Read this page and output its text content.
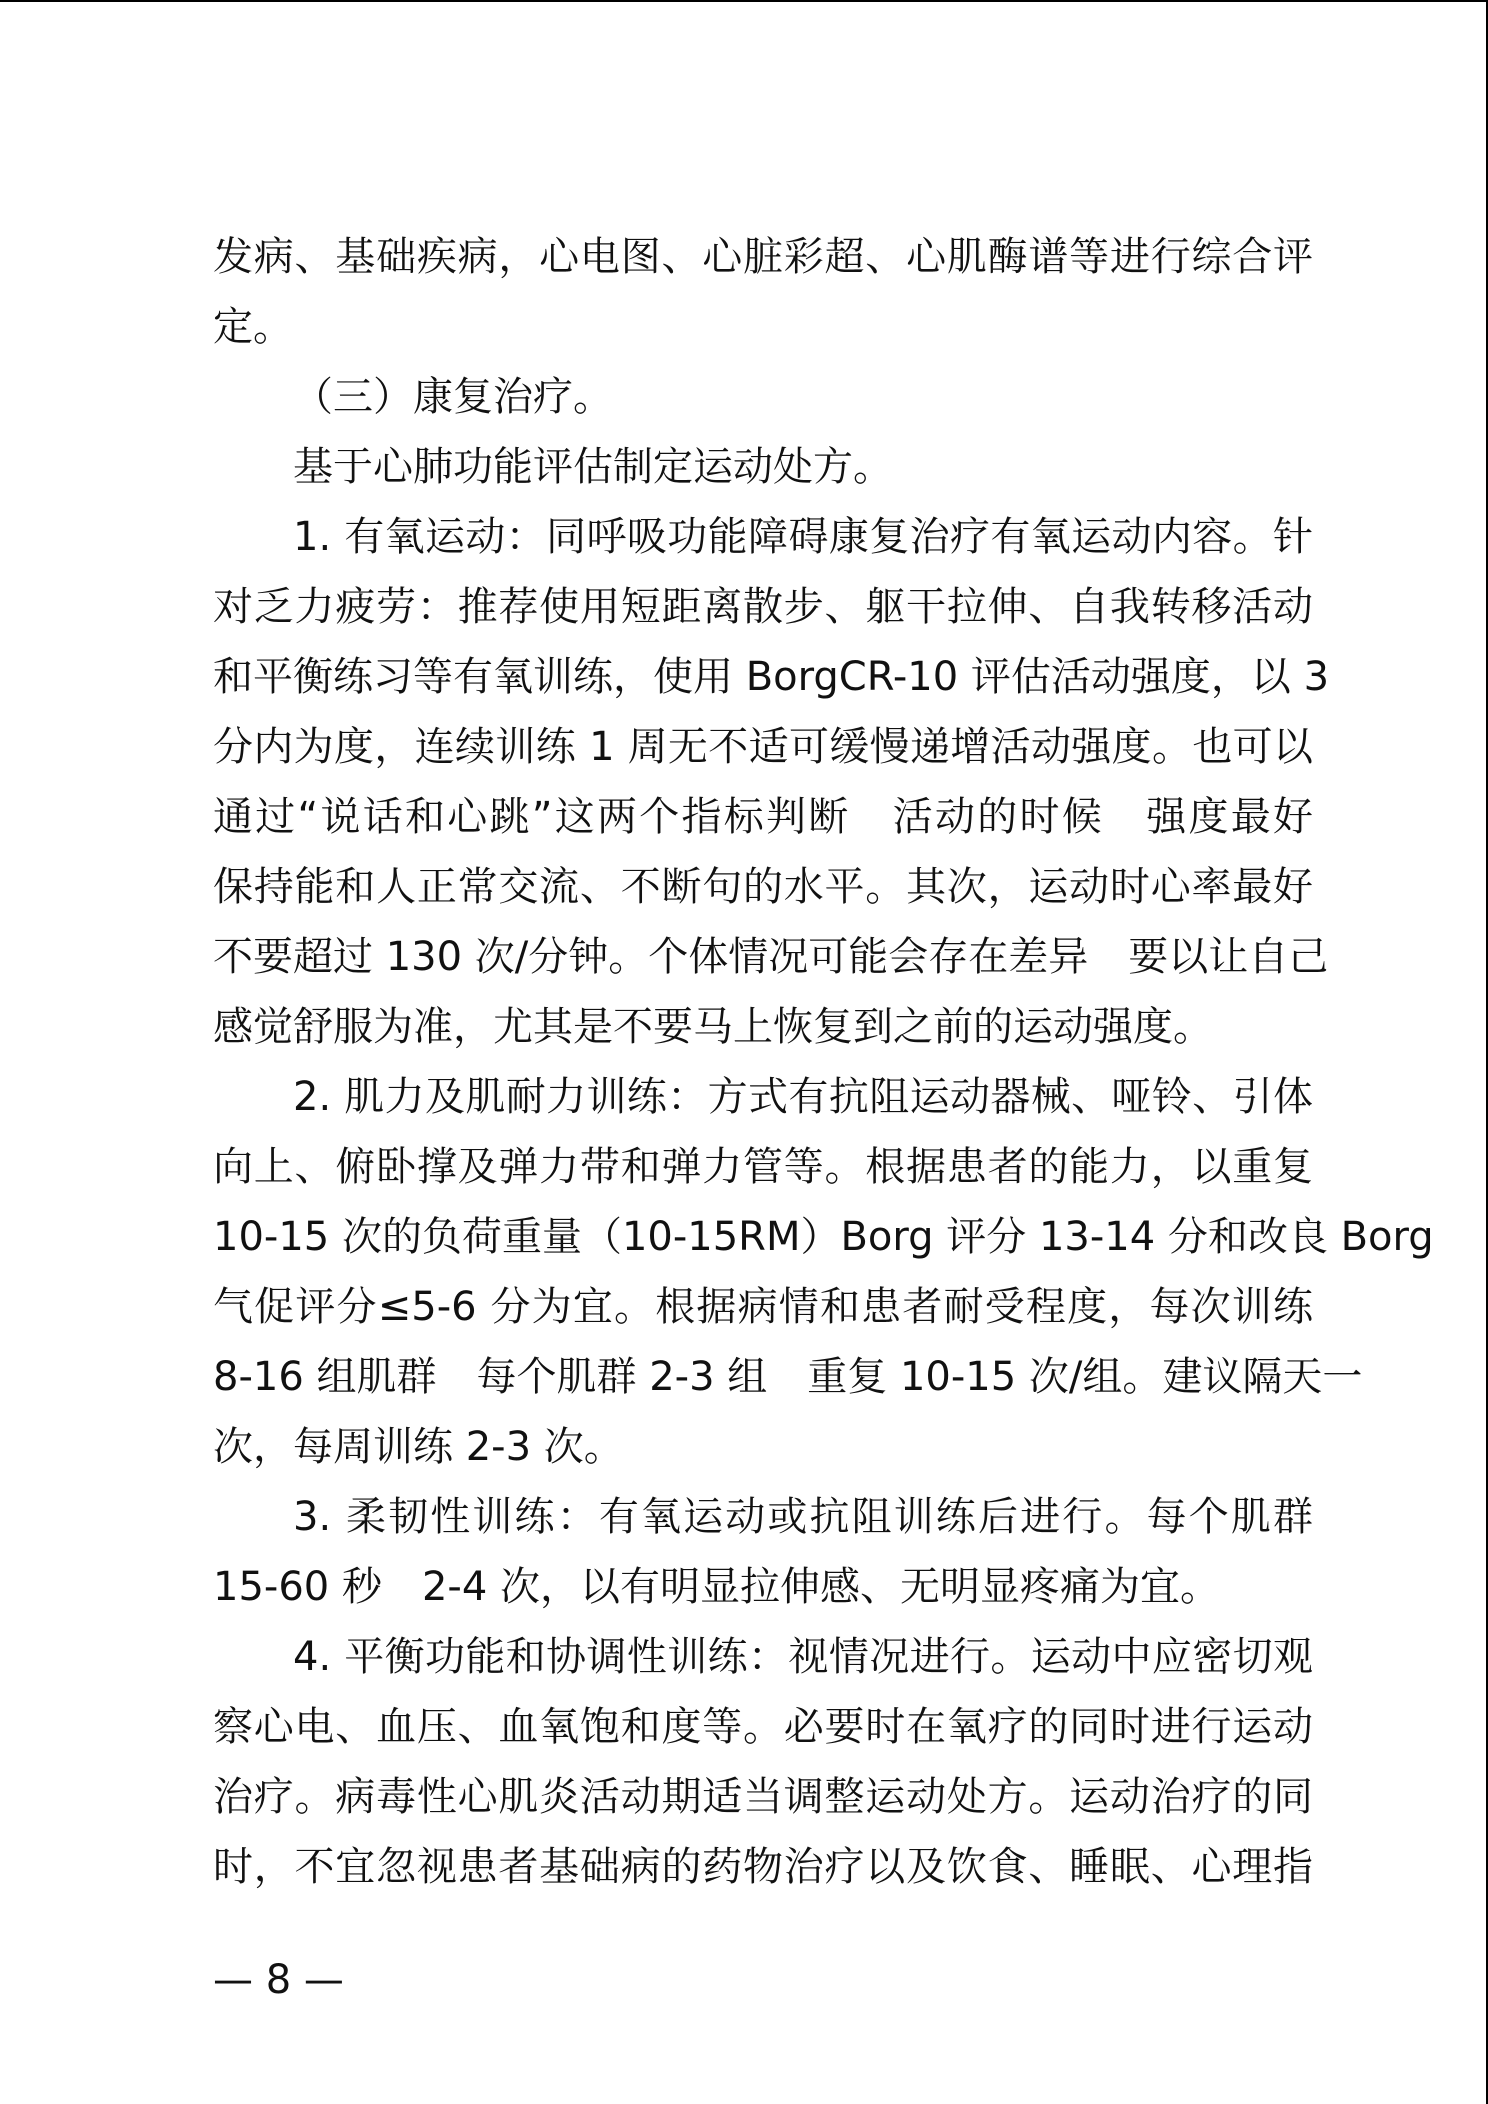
发病、基础疾病，心电图、心脏彩超、心肌酶谱等进行综合评
定。
（三）康复治疗。
基于心肺功能评估制定运动处方。
1. 有氧运动：同呼吸功能障碍康复治疗有氧运动内容。针
对乏力疲劳：推荐使用短距离散步、躯干拉伸、自我转移活动
和平衡练习等有氧训练，使用 BorgCR-10 评估活动强度，以 3
分内为度，连续训练 1 周无不适可缓慢递增活动强度。也可以
通过“说话和心跳”这两个指标判断　活动的时候　强度最好
保持能和人正常交流、不断句的水平。其次，运动时心率最好
不要超过 130 次/分钟。个体情况可能会存在差异　要以让自己
感觉舒服为准，尤其是不要马上恢复到之前的运动强度。
2. 肌力及肌耐力训练：方式有抗阻运动器械、哑铃、引体
向上、俯卧撑及弹力带和弹力管等。根据患者的能力，以重复
10-15 次的负荷重量（10-15RM）Borg 评分 13-14 分和改良 Borg
气促评分≤5-6 分为宜。根据病情和患者耐受程度，每次训练
8-16 组肌群　每个肌群 2-3 组　重复 10-15 次/组。建议隔天一
次，每周训练 2-3 次。
3. 柔韧性训练：有氧运动或抗阻训练后进行。每个肌群
15-60 秒　2-4 次，以有明显拉伸感、无明显疼痛为宜。
4. 平衡功能和协调性训练：视情况进行。运动中应密切观
察心电、血压、血氧饱和度等。必要时在氧疗的同时进行运动
治疗。病毒性心肌炎活动期适当调整运动处方。运动治疗的同
时，不宜忽视患者基础病的药物治疗以及饮食、睡眠、心理指
— 8 —
